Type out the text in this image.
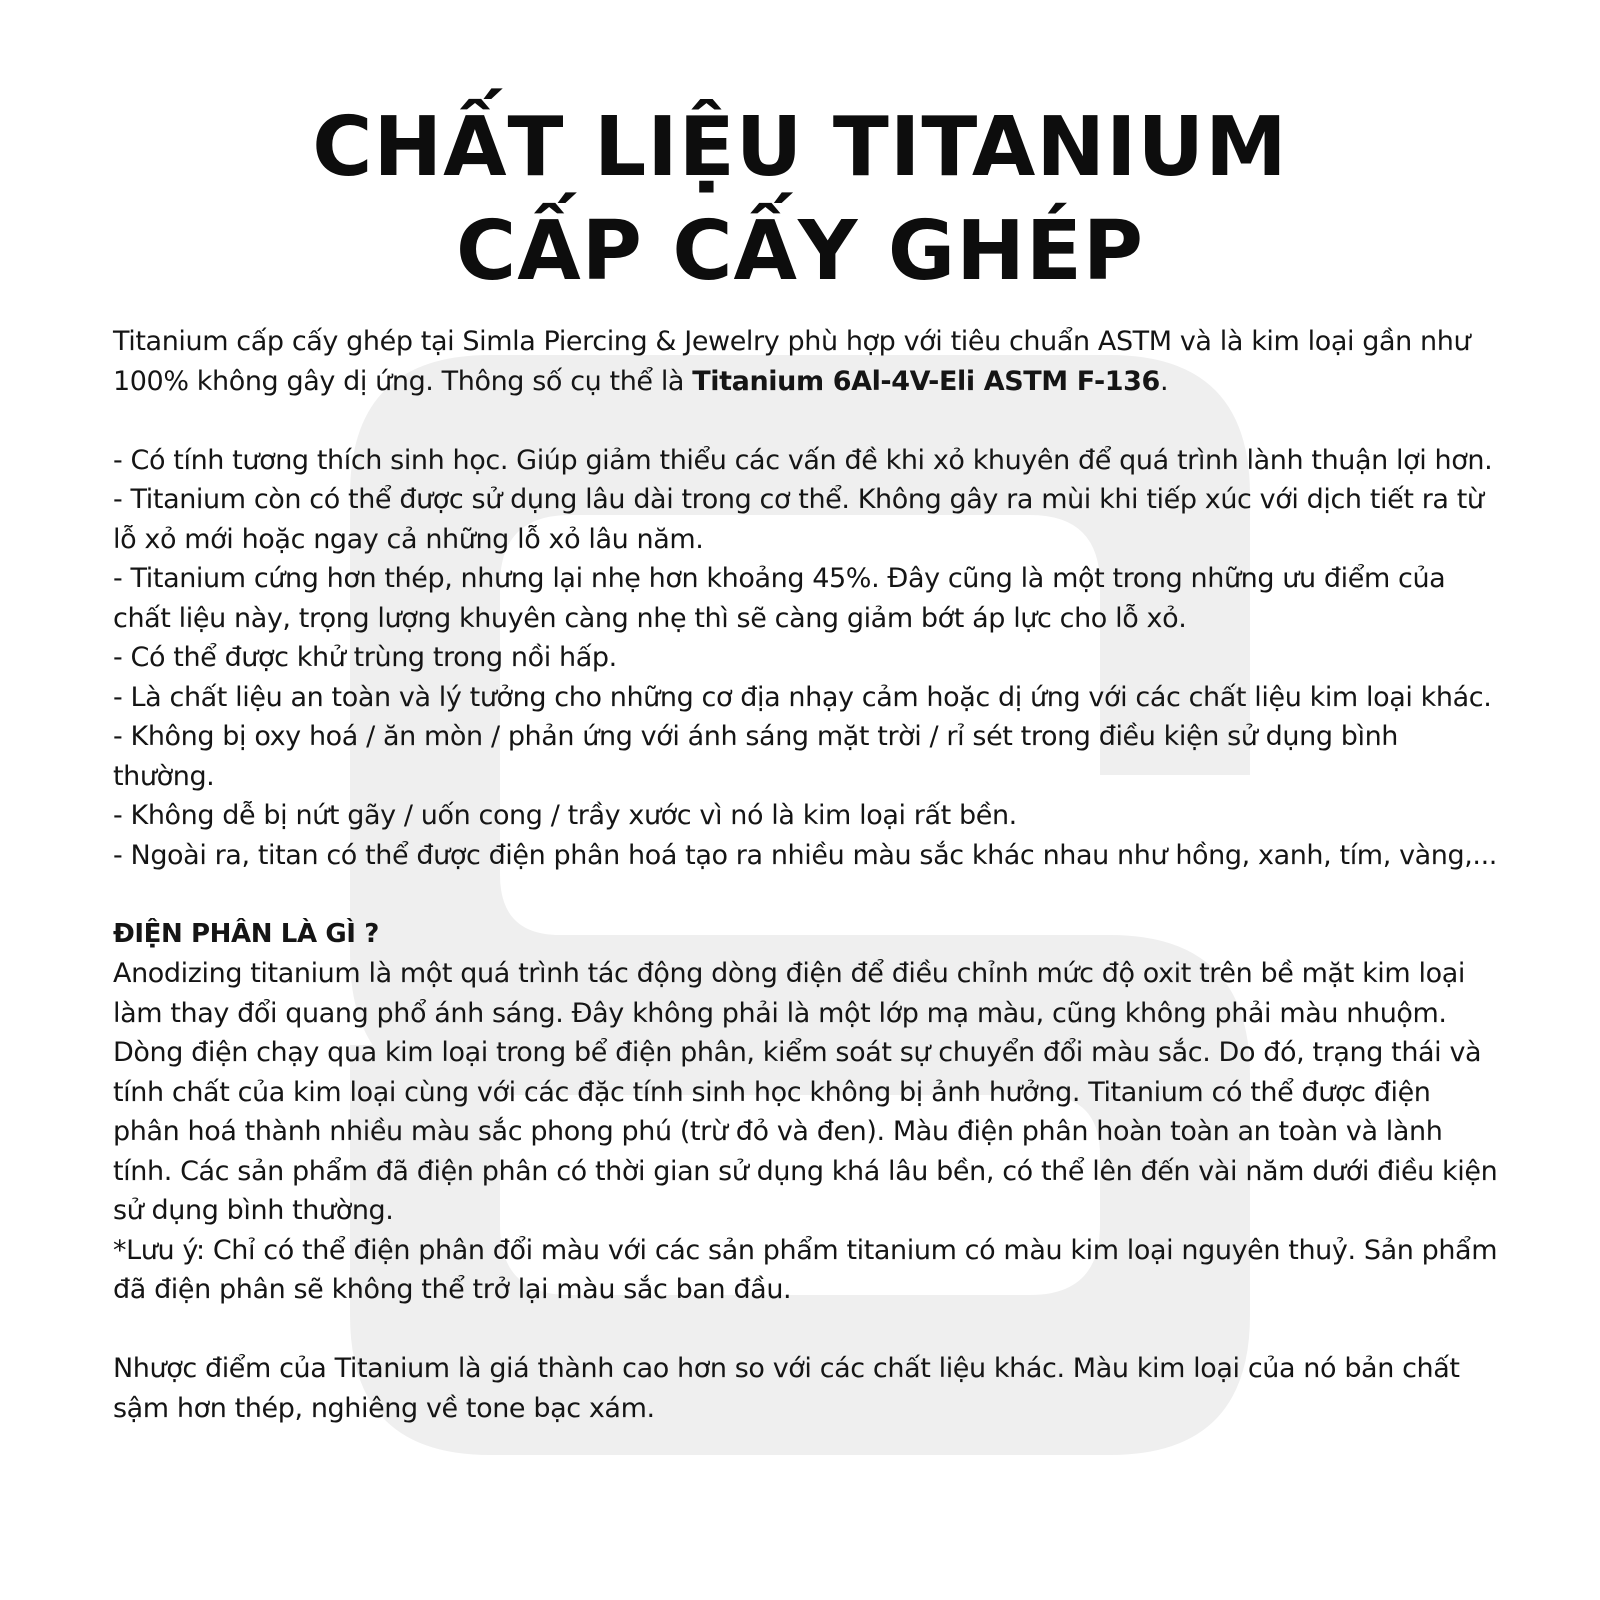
CHẤT LIỆU TITANIUM
CẤP CẤY GHÉP

Titanium cấp cấy ghép tại Simla Piercing & Jewelry phù hợp với tiêu chuẩn ASTM và là kim loại gần như 100% không gây dị ứng. Thông số cụ thể là Titanium 6Al-4V-Eli ASTM F-136.

- Có tính tương thích sinh học. Giúp giảm thiểu các vấn đề khi xỏ khuyên để quá trình lành thuận lợi hơn.

- Titanium còn có thể được sử dụng lâu dài trong cơ thể. Không gây ra mùi khi tiếp xúc với dịch tiết ra từ lỗ xỏ mới hoặc ngay cả những lỗ xỏ lâu năm.

- Titanium cứng hơn thép, nhưng lại nhẹ hơn khoảng 45%. Đây cũng là một trong những ưu điểm của chất liệu này, trọng lượng khuyên càng nhẹ thì sẽ càng giảm bớt áp lực cho lỗ xỏ.

- Có thể được khử trùng trong nồi hấp.

- Là chất liệu an toàn và lý tưởng cho những cơ địa nhạy cảm hoặc dị ứng với các chất liệu kim loại khác.

- Không bị oxy hoá / ăn mòn / phản ứng với ánh sáng mặt trời / rỉ sét trong điều kiện sử dụng bình thường.

- Không dễ bị nứt gãy / uốn cong / trầy xước vì nó là kim loại rất bền.

- Ngoài ra, titan có thể được điện phân hoá tạo ra nhiều màu sắc khác nhau như hồng, xanh, tím, vàng,...

ĐIỆN PHÂN LÀ GÌ ?

Anodizing titanium là một quá trình tác động dòng điện để điều chỉnh mức độ oxit trên bề mặt kim loại làm thay đổi quang phổ ánh sáng. Đây không phải là một lớp mạ màu, cũng không phải màu nhuộm. Dòng điện chạy qua kim loại trong bể điện phân, kiểm soát sự chuyển đổi màu sắc. Do đó, trạng thái và tính chất của kim loại cùng với các đặc tính sinh học không bị ảnh hưởng. Titanium có thể được điện phân hoá thành nhiều màu sắc phong phú (trừ đỏ và đen). Màu điện phân hoàn toàn an toàn và lành tính. Các sản phẩm đã điện phân có thời gian sử dụng khá lâu bền, có thể lên đến vài năm dưới điều kiện sử dụng bình thường.

*Lưu ý: Chỉ có thể điện phân đổi màu với các sản phẩm titanium có màu kim loại nguyên thuỷ. Sản phẩm đã điện phân sẽ không thể trở lại màu sắc ban đầu.

Nhược điểm của Titanium là giá thành cao hơn so với các chất liệu khác. Màu kim loại của nó bản chất sậm hơn thép, nghiêng về tone bạc xám.
